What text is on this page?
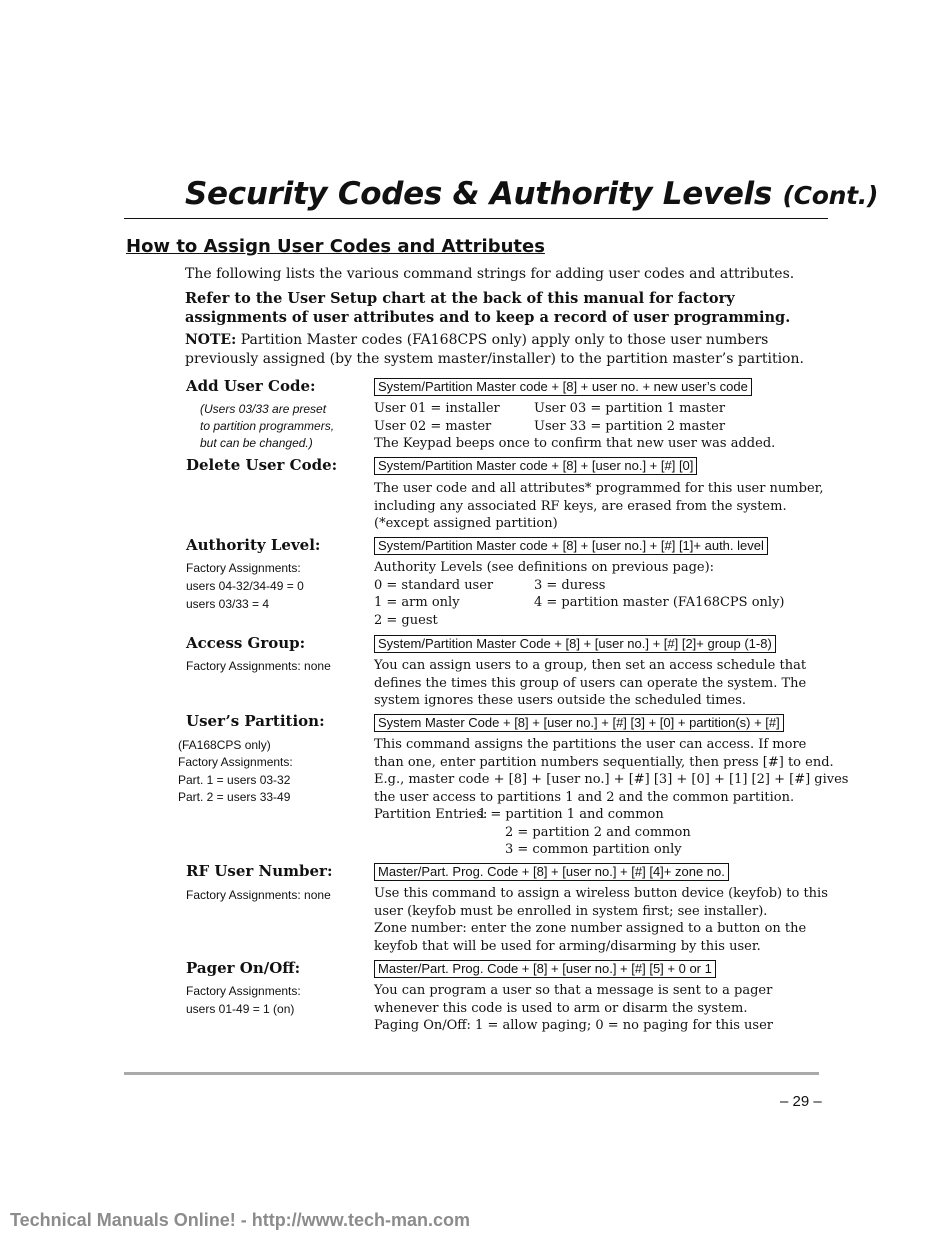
Security Codes & Authority Levels (Cont.)
How to Assign User Codes and Attributes
The following lists the various command strings for adding user codes and attributes.
Refer to the User Setup chart at the back of this manual for factory
assignments of user attributes and to keep a record of user programming.
NOTE: Partition Master codes (FA168CPS only) apply only to those user numbers
previously assigned (by the system master/installer) to the partition master’s partition.
Add User Code:
(Users 03/33 are preset
to partition programmers,
but can be changed.)
System/Partition Master code + [8] + user no. + new user’s code
User 01 = installer	User 03 = partition 1 master
User 02 = master	User 33 = partition 2 master
The Keypad beeps once to confirm that new user was added.
Delete User Code:	System/Partition Master code + [8] + [user no.] + [#] [0]
The user code and all attributes* programmed for this user number,
including any associated RF keys, are erased from the system.
(*except assigned partition)
Authority Level:
Factory Assignments:
users 04-32/34-49 = 0
users 03/33 = 4
System/Partition Master code + [8] + [user no.] + [#] [1]+ auth. level
Authority Levels (see definitions on previous page):
0 = standard user	3 = duress
1 = arm only	4 = partition master (FA168CPS only)
2 = guest
Access Group:
Factory Assignments: none
System/Partition Master Code + [8] + [user no.] + [#] [2]+ group (1-8)
You can assign users to a group, then set an access schedule that
defines the times this group of users can operate the system. The
system ignores these users outside the scheduled times.
User’s Partition:
(FA168CPS only)
Factory Assignments:
Part. 1 = users 03-32
Part. 2 = users 33-49
System Master Code + [8] + [user no.] + [#] [3] + [0] + partition(s) + [#]
This command assigns the partitions the user can access. If more
than one, enter partition numbers sequentially, then press [#] to end.
E.g., master code + [8] + [user no.] + [#] [3] + [0] + [1] [2] + [#] gives
the user access to partitions 1 and 2 and the common partition.
Partition Entries:1 = partition 1 and common
2 = partition 2 and common
3 = common partition only
RF User Number:
Factory Assignments: none
Master/Part. Prog. Code + [8] + [user no.] + [#] [4]+ zone no.
Use this command to assign a wireless button device (keyfob) to this
user (keyfob must be enrolled in system first; see installer).
Zone number: enter the zone number assigned to a button on the
keyfob that will be used for arming/disarming by this user.
Pager On/Off:
Factory Assignments:
users 01-49 = 1 (on)
Master/Part. Prog. Code + [8] + [user no.] + [#] [5] + 0 or 1
You can program a user so that a message is sent to a pager
whenever this code is used to arm or disarm the system.
Paging On/Off: 1 = allow paging; 0 = no paging for this user
– 29 –
Technical Manuals Online! - http://www.tech-man.com
